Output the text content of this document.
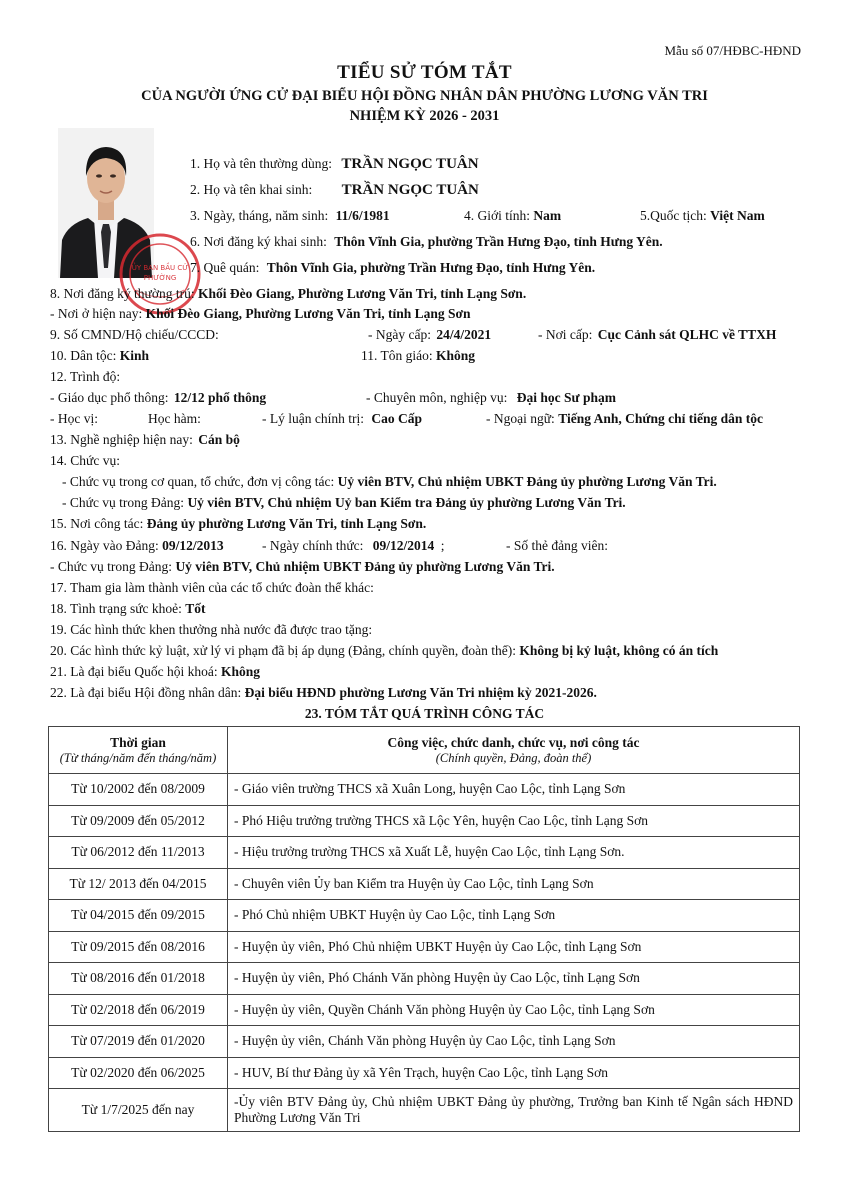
Mẫu số 07/HĐBC-HĐND
TIỂU SỬ TÓM TẮT
CỦA NGƯỜI ỨNG CỬ ĐẠI BIỂU HỘI ĐỒNG NHÂN DÂN PHƯỜNG LƯƠNG VĂN TRI
NHIỆM KỲ 2026 - 2031
ỦY BAN BẦU CỬ
PHƯỜNG
1. Họ và tên thường dùng: TRẦN NGỌC TUÂN
2. Họ và tên khai sinh: TRẦN NGỌC TUÂN
3. Ngày, tháng, năm sinh: 11/6/1981	4. Giới tính: Nam	5.Quốc tịch: Việt Nam
6. Nơi đăng ký khai sinh: Thôn Vĩnh Gia, phường Trần Hưng Đạo, tỉnh Hưng Yên.
7. Quê quán: Thôn Vĩnh Gia, phường Trần Hưng Đạo, tỉnh Hưng Yên.
8. Nơi đăng ký thường trú: Khối Đèo Giang, Phường Lương Văn Tri, tỉnh Lạng Sơn.
- Nơi ở hiện nay: Khối Đèo Giang, Phường Lương Văn Tri, tỉnh Lạng Sơn
9. Số CMND/Hộ chiếu/CCCD:	- Ngày cấp: 24/4/2021	- Nơi cấp: Cục Cảnh sát QLHC về TTXH
10. Dân tộc: Kinh	11. Tôn giáo: Không
12. Trình độ:
- Giáo dục phổ thông: 12/12 phổ thông	- Chuyên môn, nghiệp vụ: Đại học Sư phạm
- Học vị:	Học hàm:	- Lý luận chính trị: Cao Cấp	- Ngoại ngữ: Tiếng Anh, Chứng chỉ tiếng dân tộc
13. Nghề nghiệp hiện nay: Cán bộ
14. Chức vụ:
- Chức vụ trong cơ quan, tổ chức, đơn vị công tác: Uỷ viên BTV, Chủ nhiệm UBKT Đảng ủy phường Lương Văn Tri.
- Chức vụ trong Đảng: Uỷ viên BTV, Chủ nhiệm Uỷ ban Kiểm tra Đảng ủy phường Lương Văn Tri.
15. Nơi công tác: Đảng ủy phường Lương Văn Tri, tỉnh Lạng Sơn.
16. Ngày vào Đảng: 09/12/2013	- Ngày chính thức: 09/12/2014 ;	- Số thẻ đảng viên:
- Chức vụ trong Đảng: Uỷ viên BTV, Chủ nhiệm UBKT Đảng ủy phường Lương Văn Tri.
17. Tham gia làm thành viên của các tổ chức đoàn thể khác:
18. Tình trạng sức khoẻ: Tốt
19. Các hình thức khen thưởng nhà nước đã được trao tặng:
20. Các hình thức kỷ luật, xử lý vi phạm đã bị áp dụng (Đảng, chính quyền, đoàn thể): Không bị kỷ luật, không có án tích
21. Là đại biểu Quốc hội khoá: Không
22. Là đại biểu Hội đồng nhân dân: Đại biểu HĐND phường Lương Văn Tri nhiệm kỳ 2021-2026.
23. TÓM TẮT QUÁ TRÌNH CÔNG TÁC
Thời gian
(Từ tháng/năm đến tháng/năm)	Công việc, chức danh, chức vụ, nơi công tác
(Chính quyền, Đảng, đoàn thể)

Từ 10/2002 đến 08/2009	- Giáo viên trường THCS xã Xuân Long, huyện Cao Lộc, tỉnh Lạng Sơn
Từ 09/2009 đến 05/2012	- Phó Hiệu trưởng trường THCS xã Lộc Yên, huyện Cao Lộc, tỉnh Lạng Sơn
Từ 06/2012 đến 11/2013	- Hiệu trưởng trường THCS xã Xuất Lễ, huyện Cao Lộc, tỉnh Lạng Sơn.
Từ 12/ 2013 đến 04/2015	- Chuyên viên Ủy ban Kiểm tra Huyện ủy Cao Lộc, tỉnh Lạng Sơn
Từ 04/2015 đến 09/2015	- Phó Chủ nhiệm UBKT Huyện ủy Cao Lộc, tỉnh Lạng Sơn
Từ 09/2015 đến 08/2016	- Huyện ủy viên, Phó Chủ nhiệm UBKT Huyện ủy Cao Lộc, tỉnh Lạng Sơn
Từ 08/2016 đến 01/2018	- Huyện ủy viên, Phó Chánh Văn phòng Huyện ủy Cao Lộc, tỉnh Lạng Sơn
Từ 02/2018 đến 06/2019	- Huyện ủy viên, Quyền Chánh Văn phòng Huyện ủy Cao Lộc, tỉnh Lạng Sơn
Từ 07/2019 đến 01/2020	- Huyện ủy viên, Chánh Văn phòng Huyện ủy Cao Lộc, tỉnh Lạng Sơn
Từ 02/2020 đến 06/2025	- HUV, Bí thư Đảng ủy xã Yên Trạch, huyện Cao Lộc, tỉnh Lạng Sơn
Từ 1/7/2025 đến nay	-Ủy viên BTV Đảng ủy, Chủ nhiệm UBKT Đảng ủy phường, Trưởng ban Kinh tế Ngân sách HĐND Phường Lương Văn Tri
